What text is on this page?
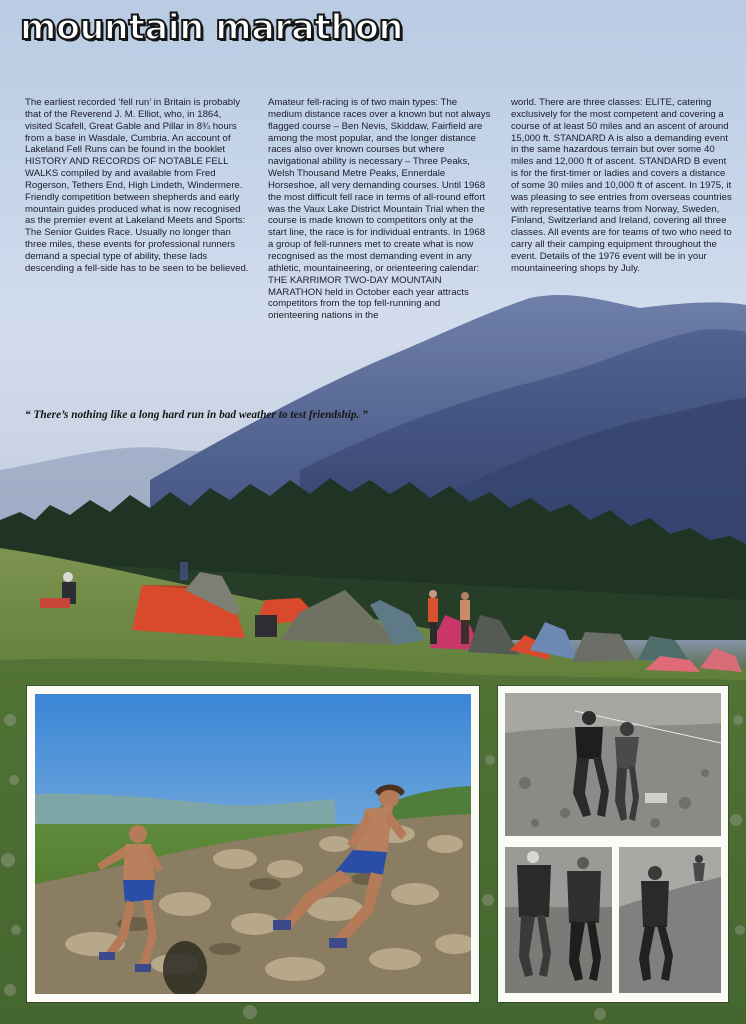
mountain marathon

The earliest recorded ‘fell run’ in Britain is probably that of the Reverend J. M. Elliot, who, in 1864, visited Scafell, Great Gable and Pillar in 8¾ hours from a base in Wasdale, Cumbria. An account of Lakeland Fell Runs can be found in the booklet HISTORY AND RECORDS OF NOTABLE FELL WALKS compiled by and available from Fred Rogerson, Tethers End, High Lindeth, Windermere. Friendly competition between shepherds and early mountain guides produced what is now recognised as the premier event at Lakeland Meets and Sports: The Senior Guides Race. Usually no longer than three miles, these events for professional runners demand a special type of ability, these lads descending a fell-side has to be seen to be believed.

Amateur fell-racing is of two main types: The medium distance races over a known but not always flagged course – Ben Nevis, Skiddaw, Fairfield are among the most popular, and the longer distance races also over known courses but where navigational ability is necessary – Three Peaks, Welsh Thousand Metre Peaks, Ennerdale Horseshoe, all very demanding courses. Until 1968 the most difficult fell race in terms of all-round effort was the Vaux Lake District Mountain Trial when the course is made known to competitors only at the start line, the race is for individual entrants. In 1968 a group of fell-runners met to create what is now recognised as the most demanding event in any athletic, mountaineering, or orienteering calendar: THE KARRIMOR TWO-DAY MOUNTAIN MARATHON held in October each year attracts competitors from the top fell-running and orienteering nations in the

world. There are three classes: ELITE, catering exclusively for the most competent and covering a course of at least 50 miles and an ascent of around 15,000 ft. STANDARD A is also a demanding event in the same hazardous terrain but over some 40 miles and 12,000 ft of ascent. STANDARD B event is for the first-timer or ladies and covers a distance of some 30 miles and 10,000 ft of ascent. In 1975, it was pleasing to see entries from overseas countries with representative teams from Norway, Sweden, Finland, Switzerland and Ireland, covering all three classes. All events are for teams of two who need to carry all their camping equipment throughout the event. Details of the 1976 event will be in your mountaineering shops by July.

“ There’s nothing like a long hard run in bad weather to test friendship. ”
